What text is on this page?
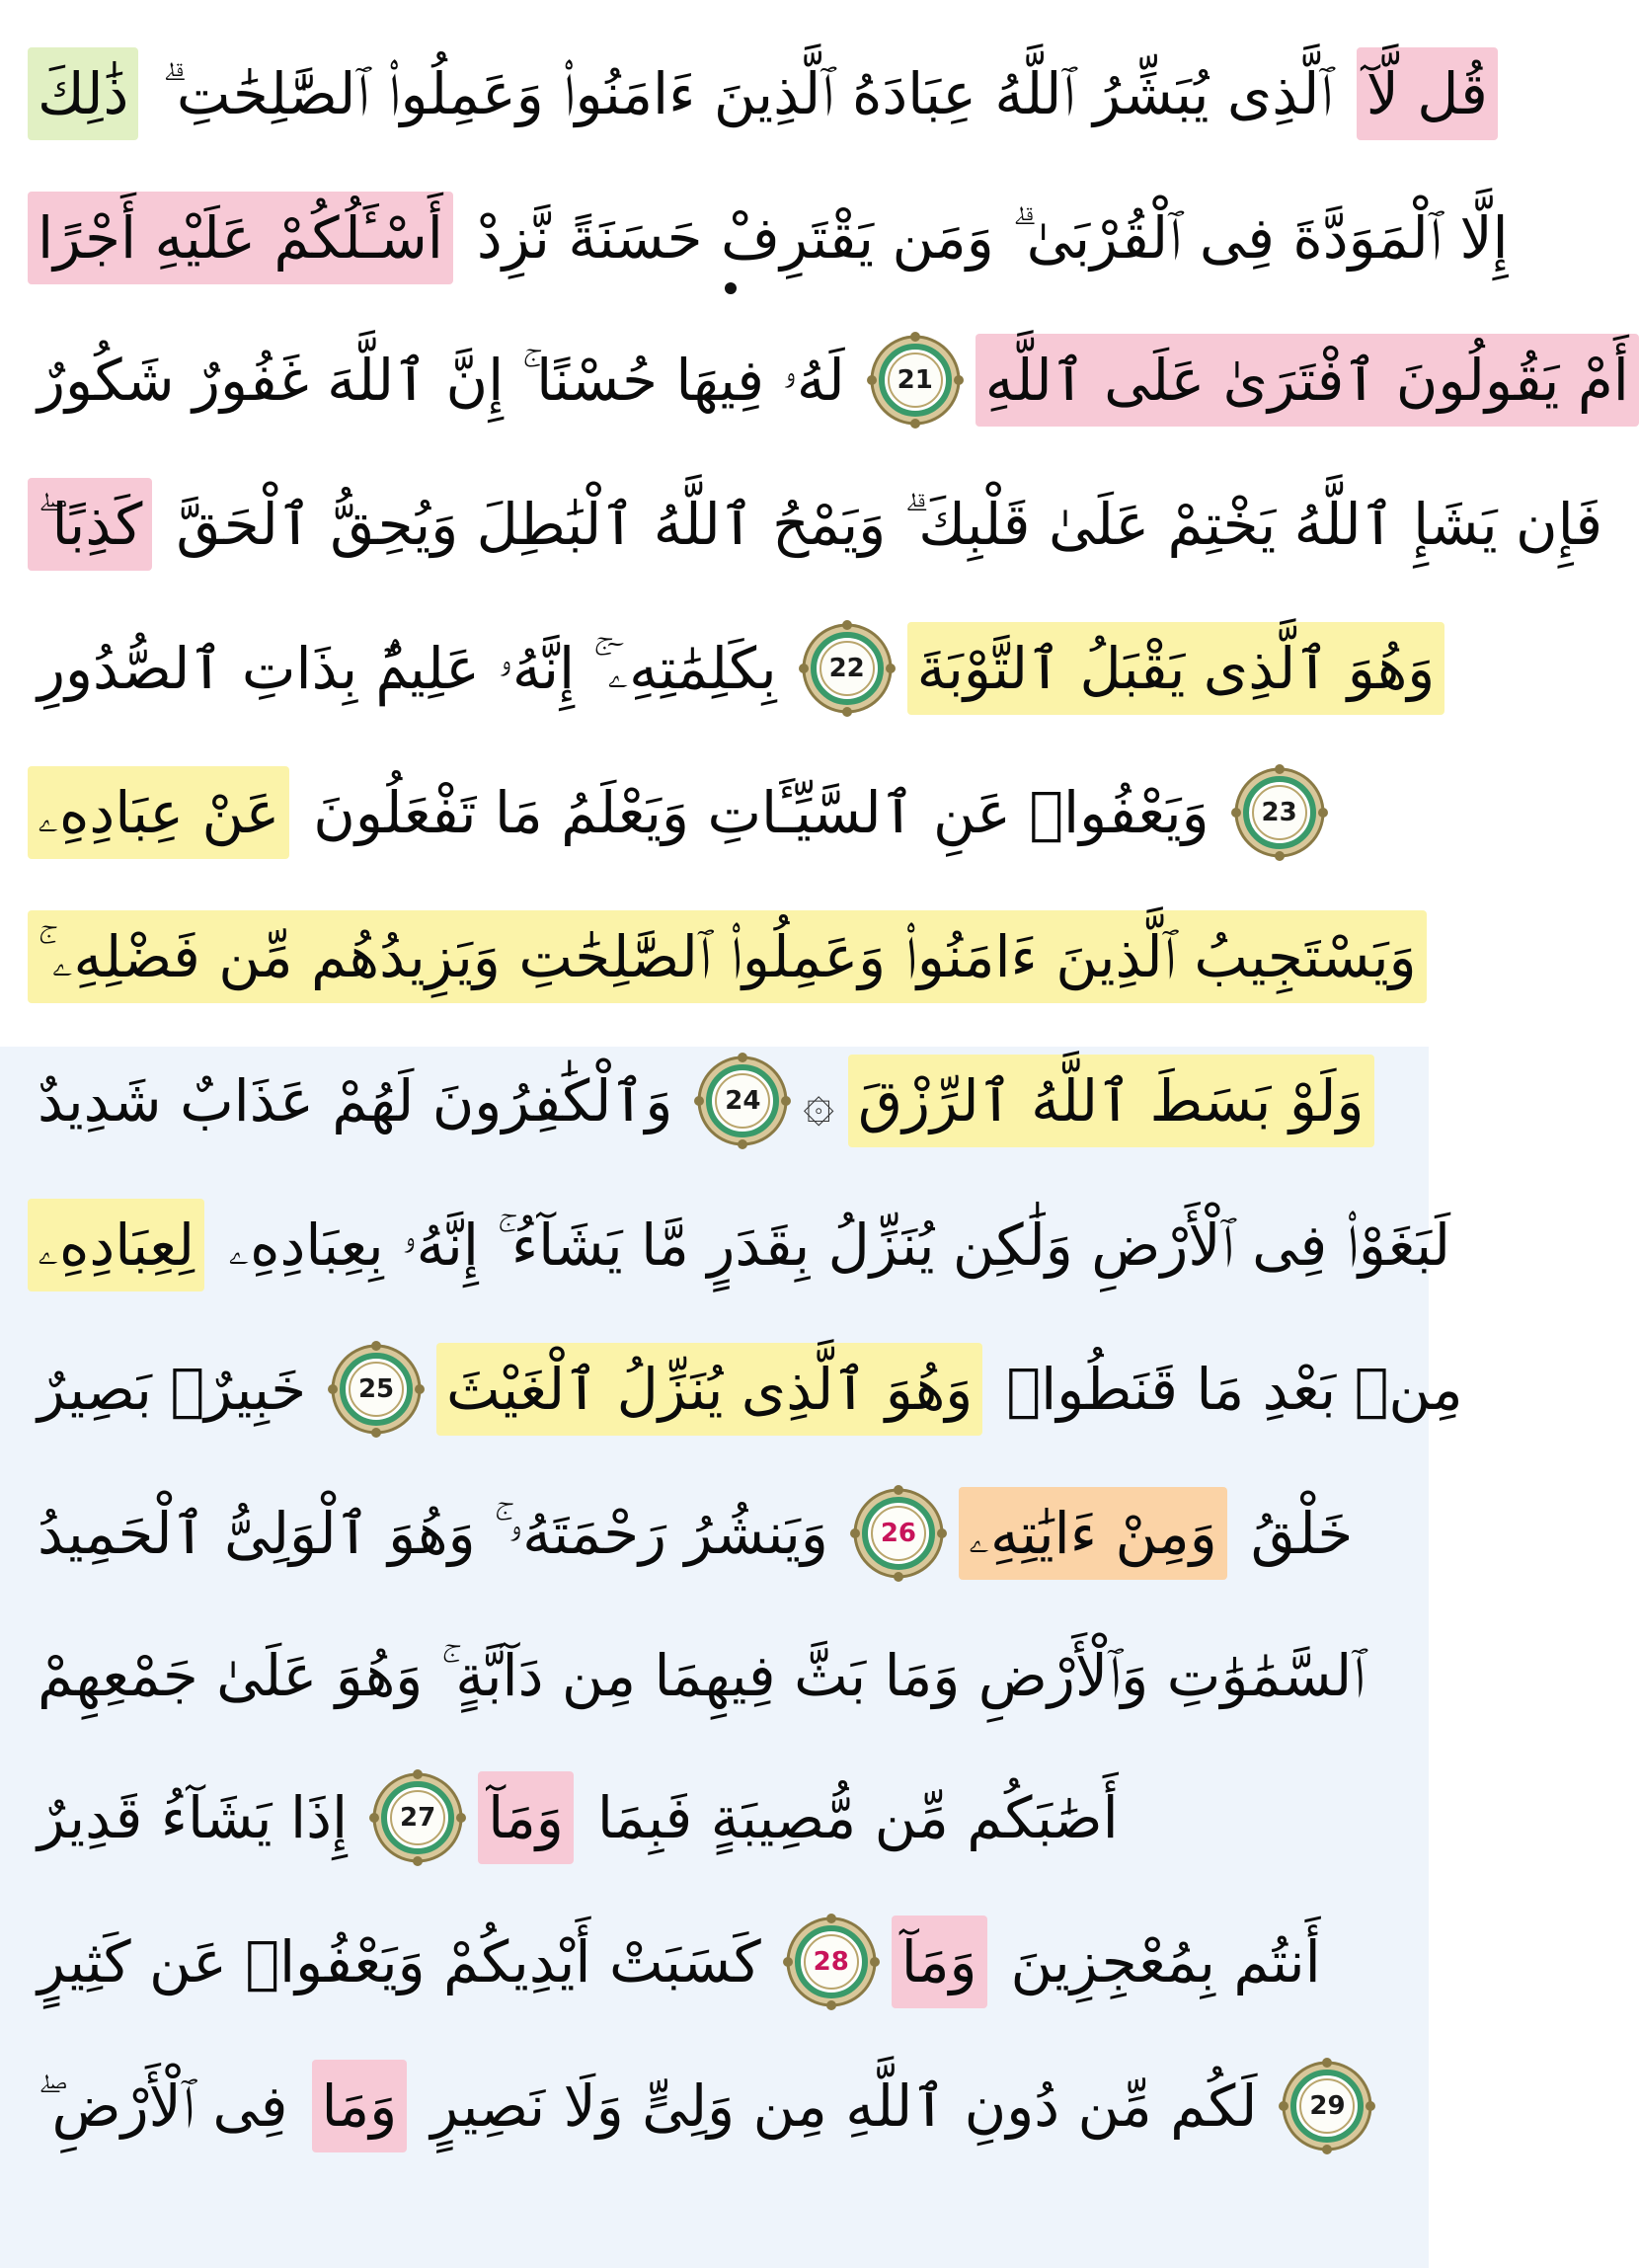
ذَٰلِكَ ٱلَّذِى يُبَشِّرُ ٱللَّهُ عِبَادَهُ ٱلَّذِينَ ءَامَنُوا۟ وَعَمِلُوا۟ ٱلصَّٰلِحَٰتِ ۗ قُل لَّآ
أَسْـَٔلُكُمْ عَلَيْهِ أَجْرًا إِلَّا ٱلْمَوَدَّةَ فِى ٱلْقُرْبَىٰ ۗ وَمَن يَقْتَرِفْ حَسَنَةً نَّزِدْ
لَهُۥ فِيهَا حُسْنًا ۚ إِنَّ ٱللَّهَ غَفُورٌ شَكُورٌ	21 أَمْ يَقُولُونَ ٱفْتَرَىٰ عَلَى ٱللَّهِ
كَذِبًا ۖ فَإِن يَشَإِ ٱللَّهُ يَخْتِمْ عَلَىٰ قَلْبِكَ ۗ وَيَمْحُ ٱللَّهُ ٱلْبَٰطِلَ وَيُحِقُّ ٱلْحَقَّ
بِكَلِمَٰتِهِۦٓ ۚ إِنَّهُۥ عَلِيمٌۢ بِذَاتِ ٱلصُّدُورِ	22 وَهُوَ ٱلَّذِى يَقْبَلُ ٱلتَّوْبَةَ
عَنْ عِبَادِهِۦ وَيَعْفُوا۟ عَنِ ٱلسَّيِّـَٔاتِ وَيَعْلَمُ مَا تَفْعَلُونَ	23
وَيَسْتَجِيبُ ٱلَّذِينَ ءَامَنُوا۟ وَعَمِلُوا۟ ٱلصَّٰلِحَٰتِ وَيَزِيدُهُم مِّن فَضْلِهِۦ ۚ
وَٱلْكَٰفِرُونَ لَهُمْ عَذَابٌ شَدِيدٌ	24 ۞ وَلَوْ بَسَطَ ٱللَّهُ ٱلرِّزْقَ
لِعِبَادِهِۦ لَبَغَوْا۟ فِى ٱلْأَرْضِ وَلَٰكِن يُنَزِّلُ بِقَدَرٍ مَّا يَشَآءُ ۚ إِنَّهُۥ بِعِبَادِهِۦ
خَبِيرٌۢ بَصِيرٌ	25 وَهُوَ ٱلَّذِى يُنَزِّلُ ٱلْغَيْثَ مِنۢ بَعْدِ مَا قَنَطُوا۟
وَيَنشُرُ رَحْمَتَهُۥ ۚ وَهُوَ ٱلْوَلِىُّ ٱلْحَمِيدُ	26 وَمِنْ ءَايَٰتِهِۦ خَلْقُ
ٱلسَّمَٰوَٰتِ وَٱلْأَرْضِ وَمَا بَثَّ فِيهِمَا مِن دَآبَّةٍ ۚ وَهُوَ عَلَىٰ جَمْعِهِمْ
إِذَا يَشَآءُ قَدِيرٌ	27 وَمَآ أَصَٰبَكُم مِّن مُّصِيبَةٍ فَبِمَا
كَسَبَتْ أَيْدِيكُمْ وَيَعْفُوا۟ عَن كَثِيرٍ	28 وَمَآ أَنتُم بِمُعْجِزِينَ
فِى ٱلْأَرْضِ ۖ وَمَا لَكُم مِّن دُونِ ٱللَّهِ مِن وَلِىٍّ وَلَا نَصِيرٍ	29
